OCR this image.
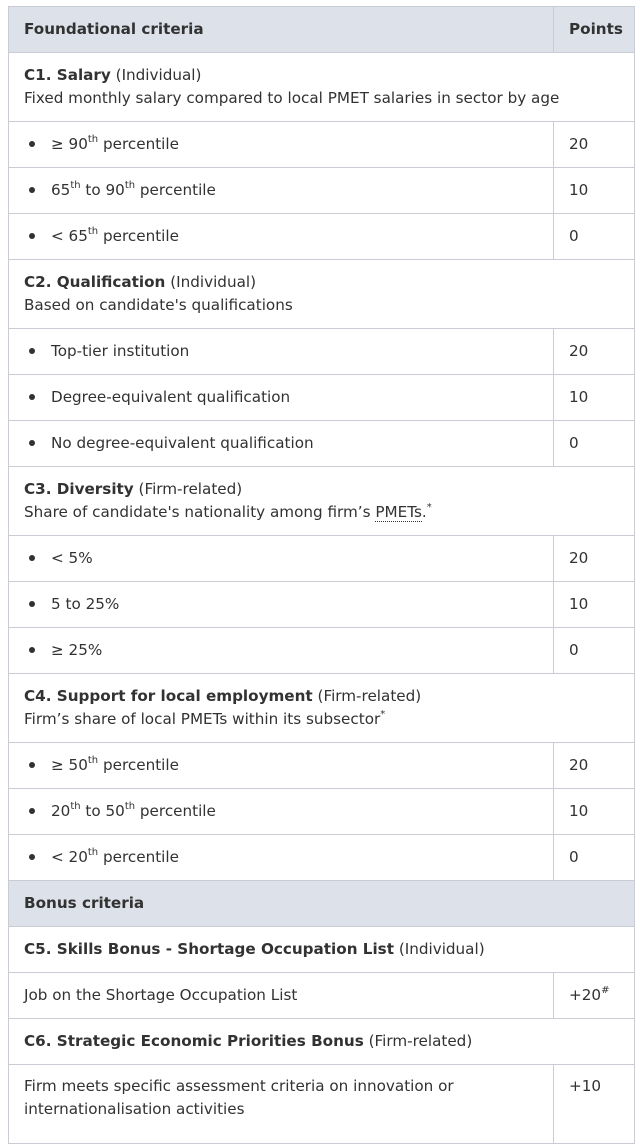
Foundational criteria	Points
C1. Salary (Individual)
Fixed monthly salary compared to local PMET salaries in sector by age	
≥ 90th percentile	20
65th to 90th percentile	10
< 65th percentile	0
C2. Qualification (Individual)
Based on candidate's qualifications	
Top-tier institution	20
Degree-equivalent qualification	10
No degree-equivalent qualification	0
C3. Diversity (Firm-related)
Share of candidate's nationality among firm’s PMETs.*
< 5%	20
5 to 25%	10
≥ 25%	0
C4. Support for local employment (Firm-related)
Firm’s share of local PMETs within its subsector*
≥ 50th percentile	20
20th to 50th percentile	10
< 20th percentile	0
Bonus criteria	
C5. Skills Bonus - Shortage Occupation List (Individual)	
Job on the Shortage Occupation List	+20#
C6. Strategic Economic Priorities Bonus (Firm-related)	
Firm meets specific assessment criteria on innovation or internationalisation activities	+10
